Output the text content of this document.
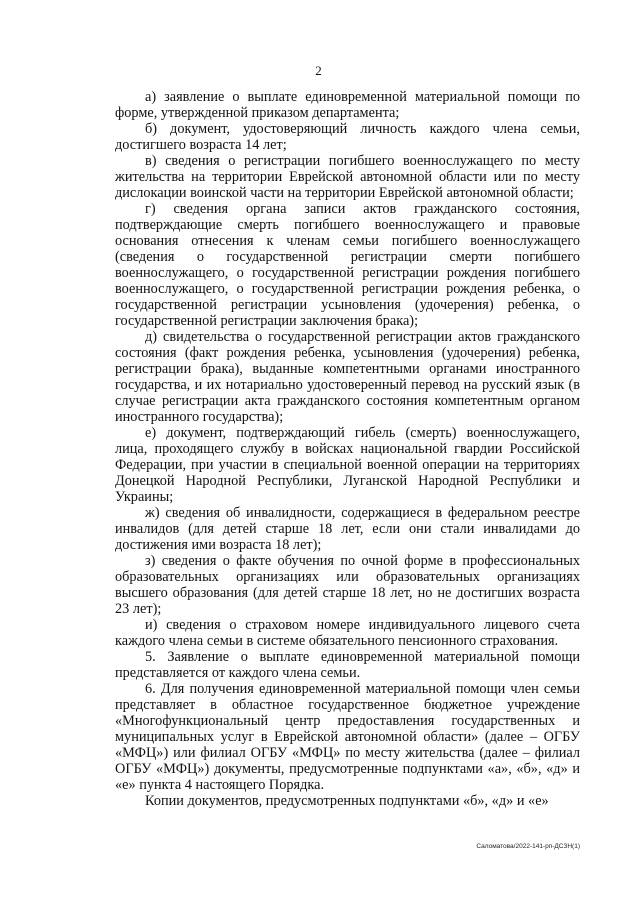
2

а) заявление о выплате единовременной материальной помощи по форме, утвержденной приказом департамента;

б) документ, удостоверяющий личность каждого члена семьи, достигшего возраста 14 лет;

в) сведения о регистрации погибшего военнослужащего по месту жительства на территории Еврейской автономной области или по месту дислокации воинской части на территории Еврейской автономной области;

г) сведения органа записи актов гражданского состояния, подтверждающие смерть погибшего военнослужащего и правовые основания отнесения к членам семьи погибшего военнослужащего (сведения о государственной регистрации смерти погибшего военнослужащего, о государственной регистрации рождения погибшего военнослужащего, о государственной регистрации рождения ребенка, о государственной регистрации усыновления (удочерения) ребенка, о государственной регистрации заключения брака);

д) свидетельства о государственной регистрации актов гражданского состояния (факт рождения ребенка, усыновления (удочерения) ребенка, регистрации брака), выданные компетентными органами иностранного государства, и их нотариально удостоверенный перевод на русский язык (в случае регистрации акта гражданского состояния компетентным органом иностранного государства);

е) документ, подтверждающий гибель (смерть) военнослужащего, лица, проходящего службу в войсках национальной гвардии Российской Федерации, при участии в специальной военной операции на территориях Донецкой Народной Республики, Луганской Народной Республики и Украины;

ж) сведения об инвалидности, содержащиеся в федеральном реестре инвалидов (для детей старше 18 лет, если они стали инвалидами до достижения ими возраста 18 лет);

з) сведения о факте обучения по очной форме в профессиональных образовательных организациях или образовательных организациях высшего образования (для детей старше 18 лет, но не достигших возраста 23 лет);

и) сведения о страховом номере индивидуального лицевого счета каждого члена семьи в системе обязательного пенсионного страхования.

5. Заявление о выплате единовременной материальной помощи представляется от каждого члена семьи.

6. Для получения единовременной материальной помощи член семьи представляет в областное государственное бюджетное учреждение «Многофункциональный центр предоставления государственных и муниципальных услуг в Еврейской автономной области» (далее – ОГБУ «МФЦ») или филиал ОГБУ «МФЦ» по месту жительства (далее – филиал ОГБУ «МФЦ») документы, предусмотренные подпунктами «а», «б», «д» и «е» пункта 4 настоящего Порядка.

Копии документов, предусмотренных подпунктами «б», «д» и «е»

Саломатова/2022-141-рп-ДСЗН(1)
